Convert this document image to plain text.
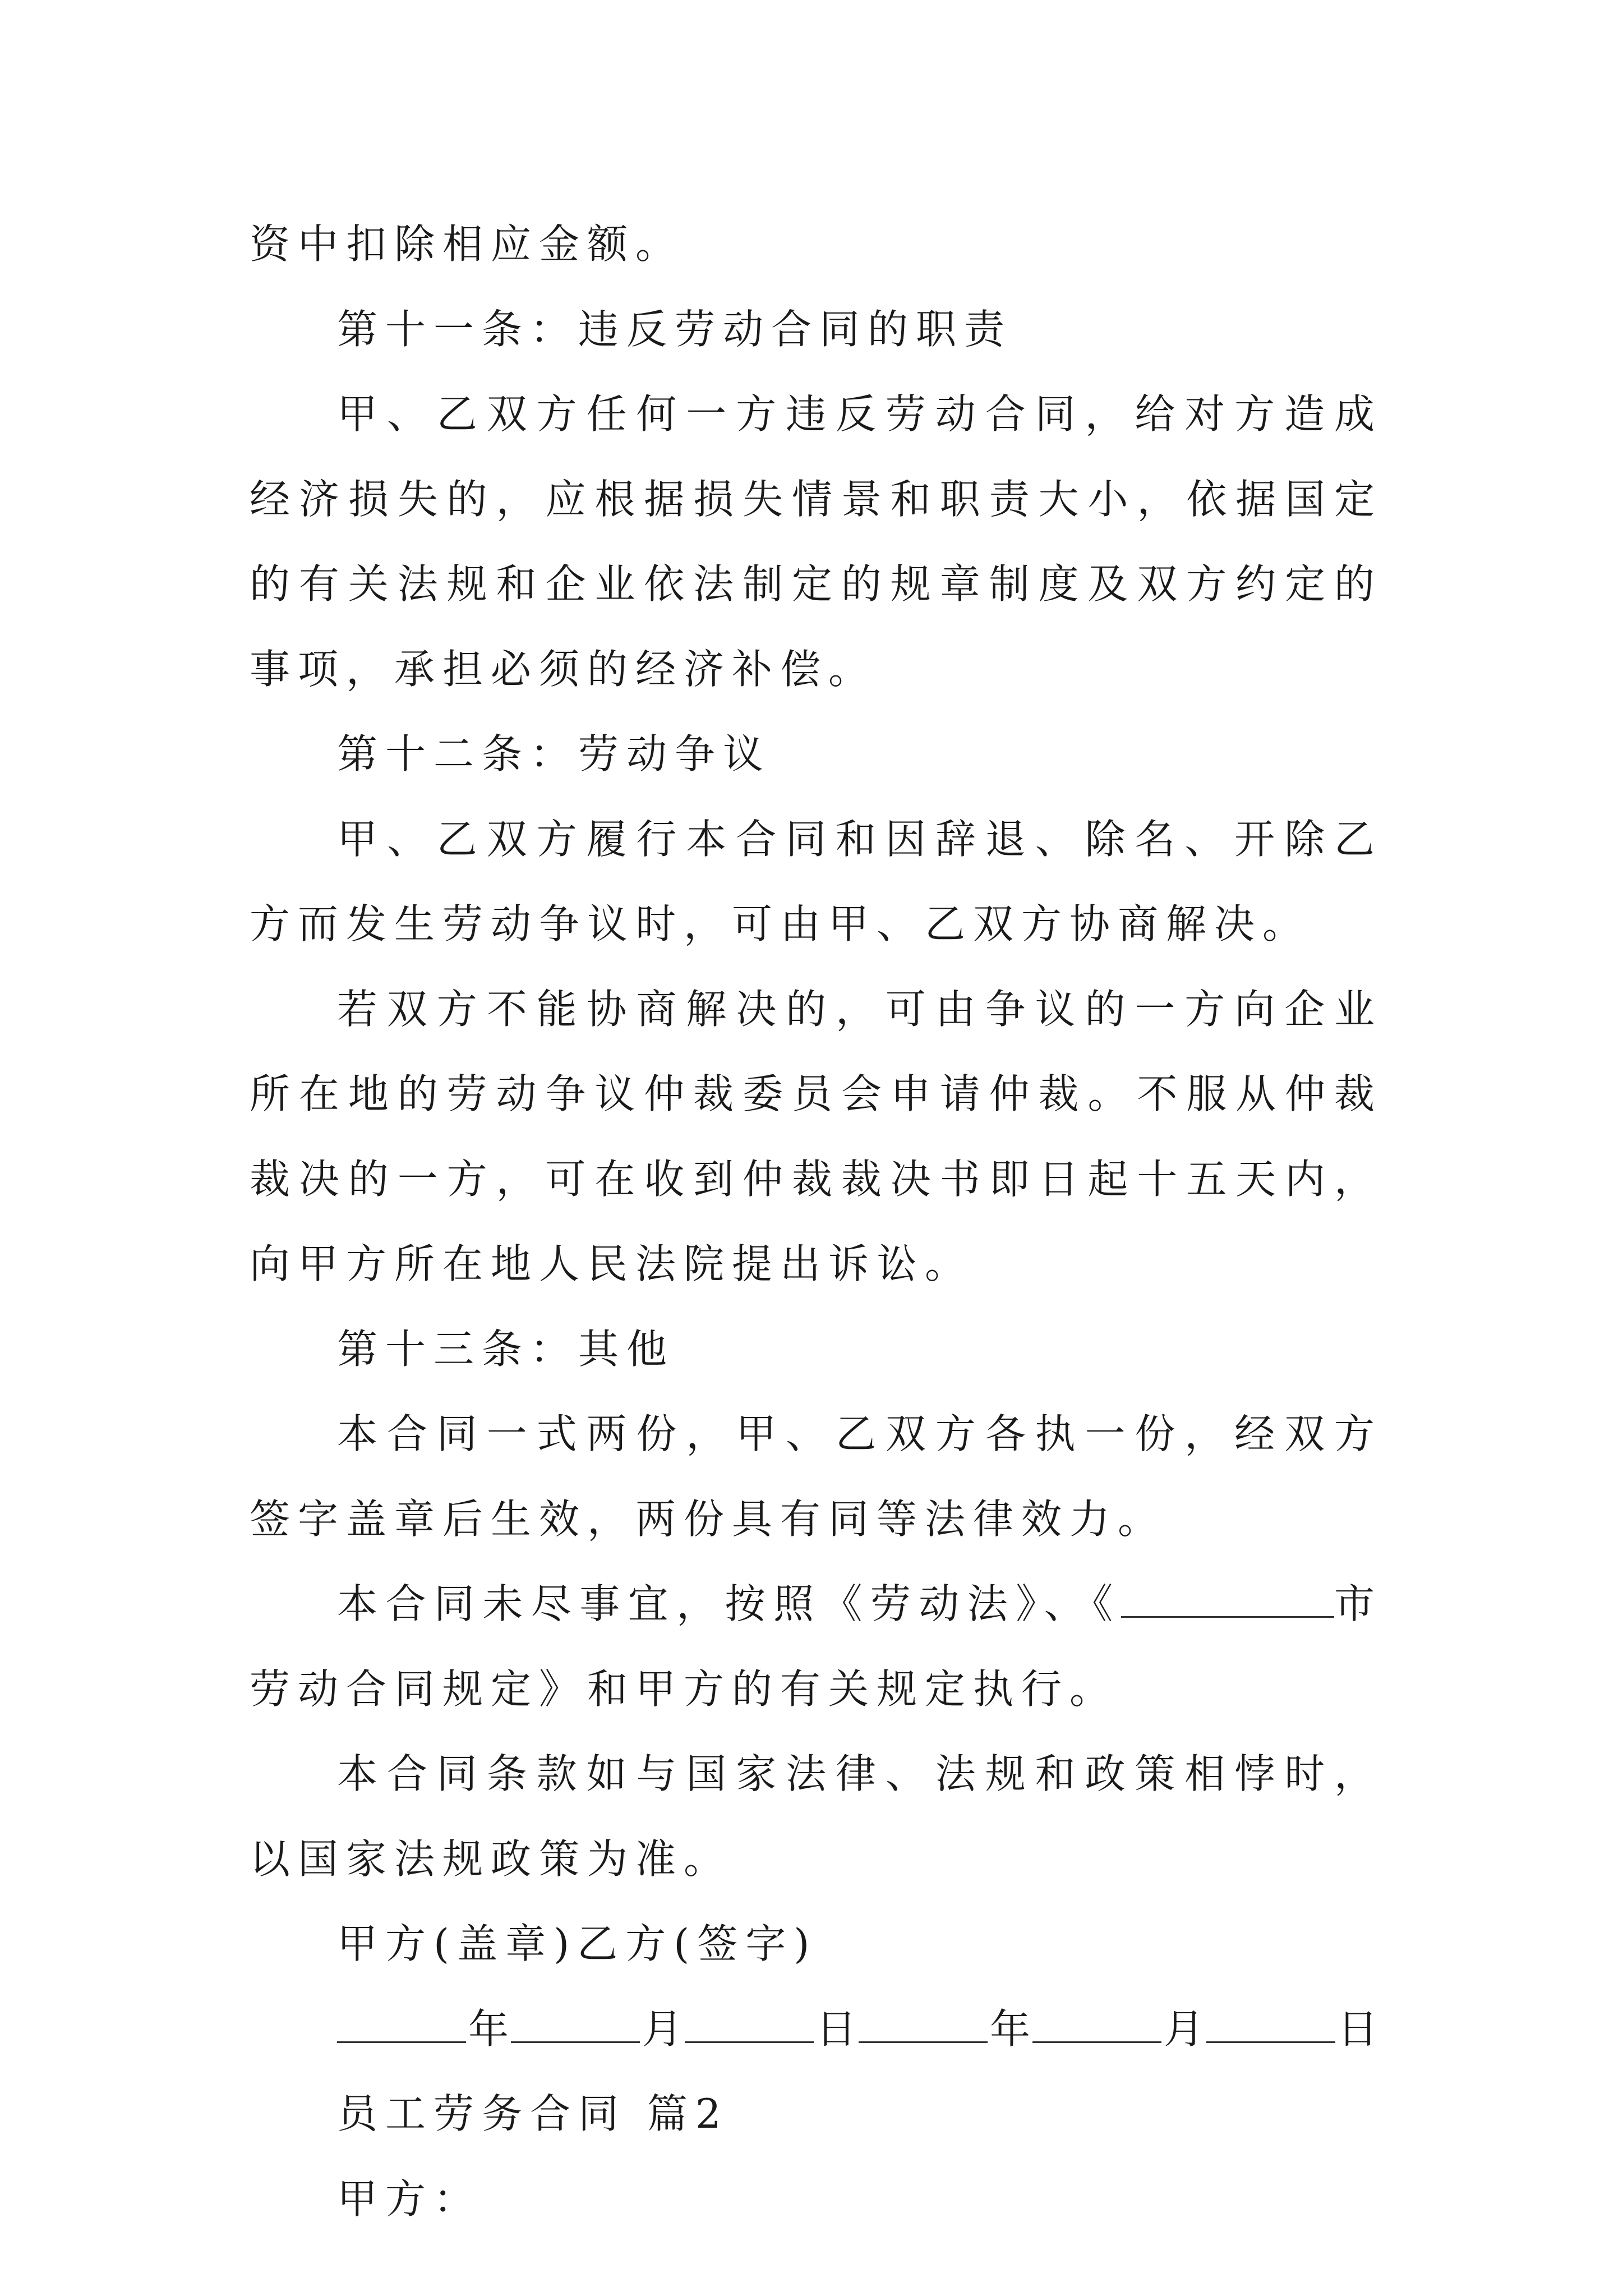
资中扣除相应金额。

第十一条：违反劳动合同的职责

甲、乙双方任何一方违反劳动合同，给对方造成经济损失的，应根据损失情景和职责大小，依据国定的有关法规和企业依法制定的规章制度及双方约定的事项，承担必须的经济补偿。

第十二条：劳动争议

甲、乙双方履行本合同和因辞退、除名、开除乙方而发生劳动争议时，可由甲、乙双方协商解决。

若双方不能协商解决的，可由争议的一方向企业所在地的劳动争议仲裁委员会申请仲裁。不服从仲裁裁决的一方，可在收到仲裁裁决书即日起十五天内，向甲方所在地人民法院提出诉讼。

第十三条：其他

本合同一式两份，甲、乙双方各执一份，经双方签字盖章后生效，两份具有同等法律效力。

本合同未尽事宜，按照《劳动法》、《	市劳动合同规定》和甲方的有关规定执行。

本合同条款如与国家法律、法规和政策相悖时，以国家法规政策为准。

甲方(盖章)乙方(签字)

年	月	日	年	月	日

员工劳务合同 篇2

甲方：
